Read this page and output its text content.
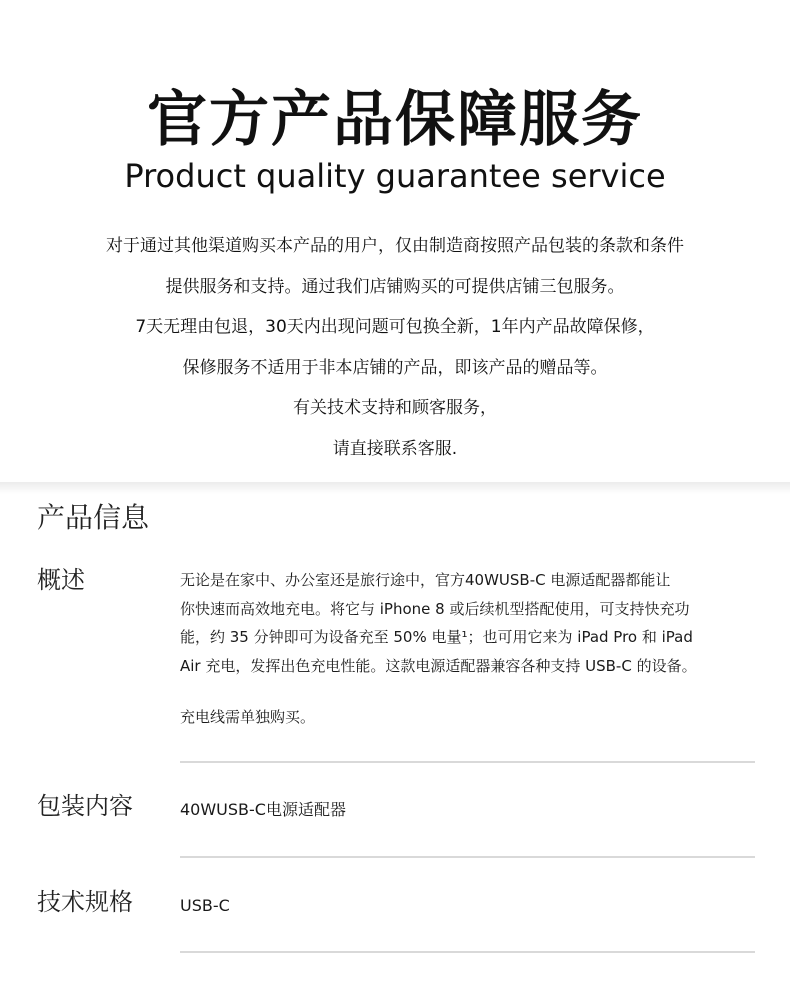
官方产品保障服务
Product quality guarantee service
对于通过其他渠道购买本产品的用户，仅由制造商按照产品包装的条款和条件
提供服务和支持。通过我们店铺购买的可提供店铺三包服务。
7天无理由包退，30天内出现问题可包换全新，1年内产品故障保修，
保修服务不适用于非本店铺的产品，即该产品的赠品等。
有关技术支持和顾客服务，
请直接联系客服.
产品信息
概述	无论是在家中、办公室还是旅行途中，官方40WUSB-C 电源适配器都能让
你快速而高效地充电。将它与 iPhone 8 或后续机型搭配使用，可支持快充功
能，约 35 分钟即可为设备充至 50% 电量¹；也可用它来为 iPad Pro 和 iPad
Air 充电，发挥出色充电性能。这款电源适配器兼容各种支持 USB-C 的设备。
充电线需单独购买。
包装内容	40WUSB-C电源适配器
技术规格	USB-C
